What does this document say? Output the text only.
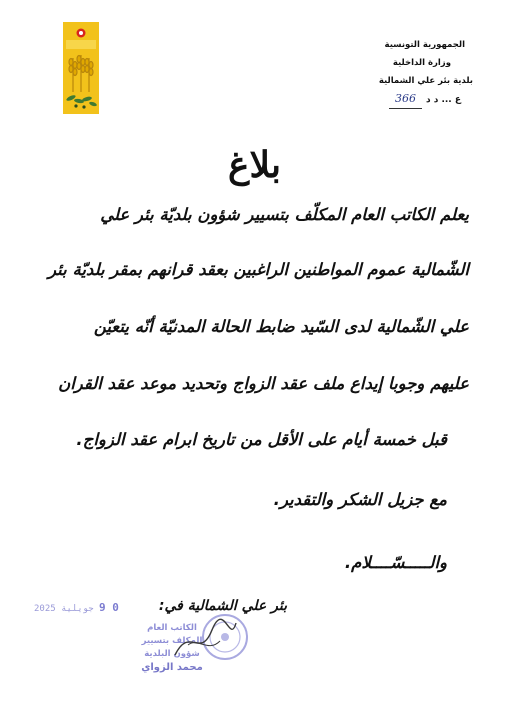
الجمهورية التونسية
وزارة الداخلية
بلدية بئر علي الشمالية
ع ... د د
366
بلاغ
يعلم الكاتب العام المكلّف بتسيير شؤون بلديّة بئر علي
الشّمالية عموم المواطنين الراغبين بعقد قرانهم بمقر بلديّة بئر
علي الشّمالية لدى السّيد ضابط الحالة المدنيّة أنّه يتعيّن
عليهم وجوبا إيداع ملف عقد الزواج وتحديد موعد عقد القران
قبل خمسة أيام على الأقل من تاريخ ابرام عقد الزواج.
مع جزيل الشكر والتقدير.
والـــــسّــــلام.
بئر علي الشمالية في:
0 9 جويلية 2025
الكاتب العام
المكلف بتسيير شؤون البلدية
محمد الزواي
